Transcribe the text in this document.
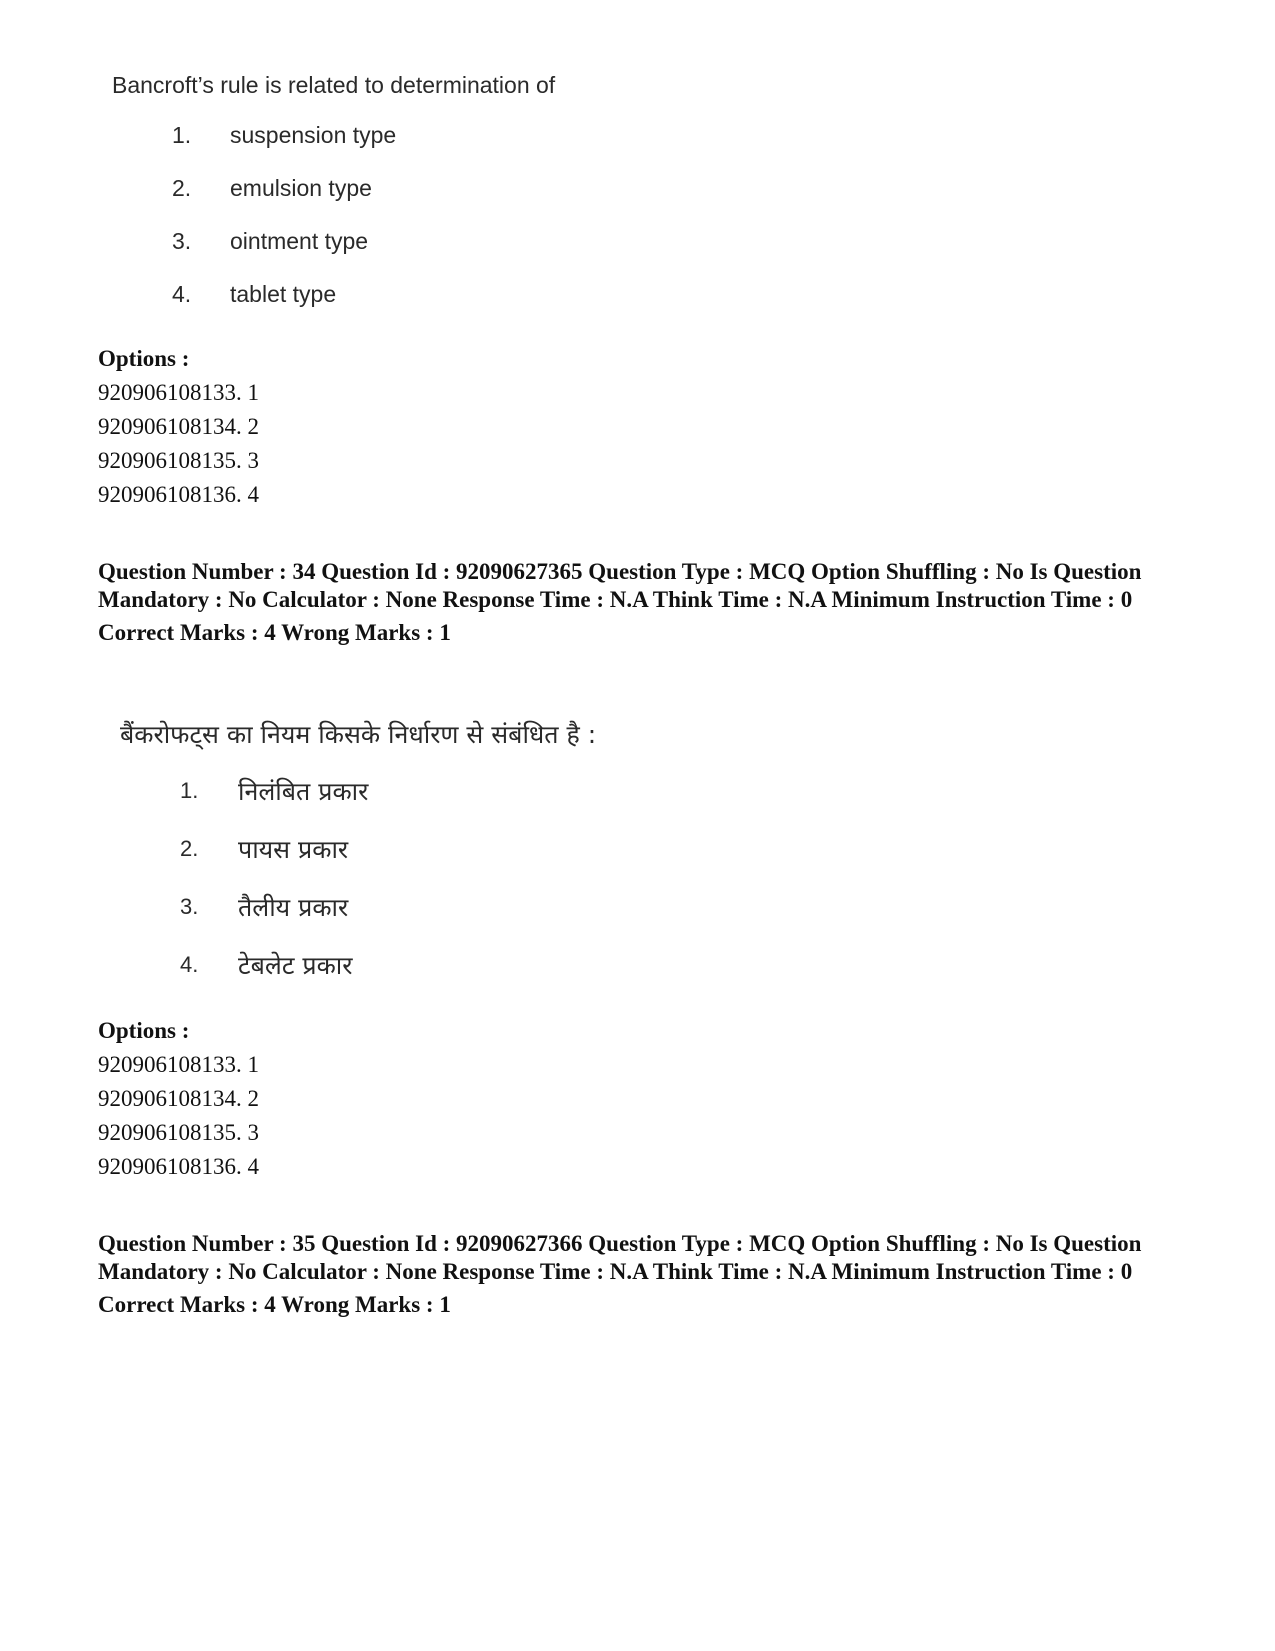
Bancroft’s rule is related to determination of

1.	suspension type
2.	emulsion type
3.	ointment type
4.	tablet type
Options :
920906108133. 1
920906108134. 2
920906108135. 3
920906108136. 4
Question Number : 34 Question Id : 92090627365 Question Type : MCQ Option Shuffling : No Is Question Mandatory : No Calculator : None Response Time : N.A Think Time : N.A Minimum Instruction Time : 0
Correct Marks : 4 Wrong Marks : 1

बैंकरोफट्स का नियम किसके निर्धारण से संबंधित है :

1.	निलंबित प्रकार
2.	पायस प्रकार
3.	तैलीय प्रकार
4.	टेबलेट प्रकार
Options :
920906108133. 1
920906108134. 2
920906108135. 3
920906108136. 4
Question Number : 35 Question Id : 92090627366 Question Type : MCQ Option Shuffling : No Is Question Mandatory : No Calculator : None Response Time : N.A Think Time : N.A Minimum Instruction Time : 0
Correct Marks : 4 Wrong Marks : 1
